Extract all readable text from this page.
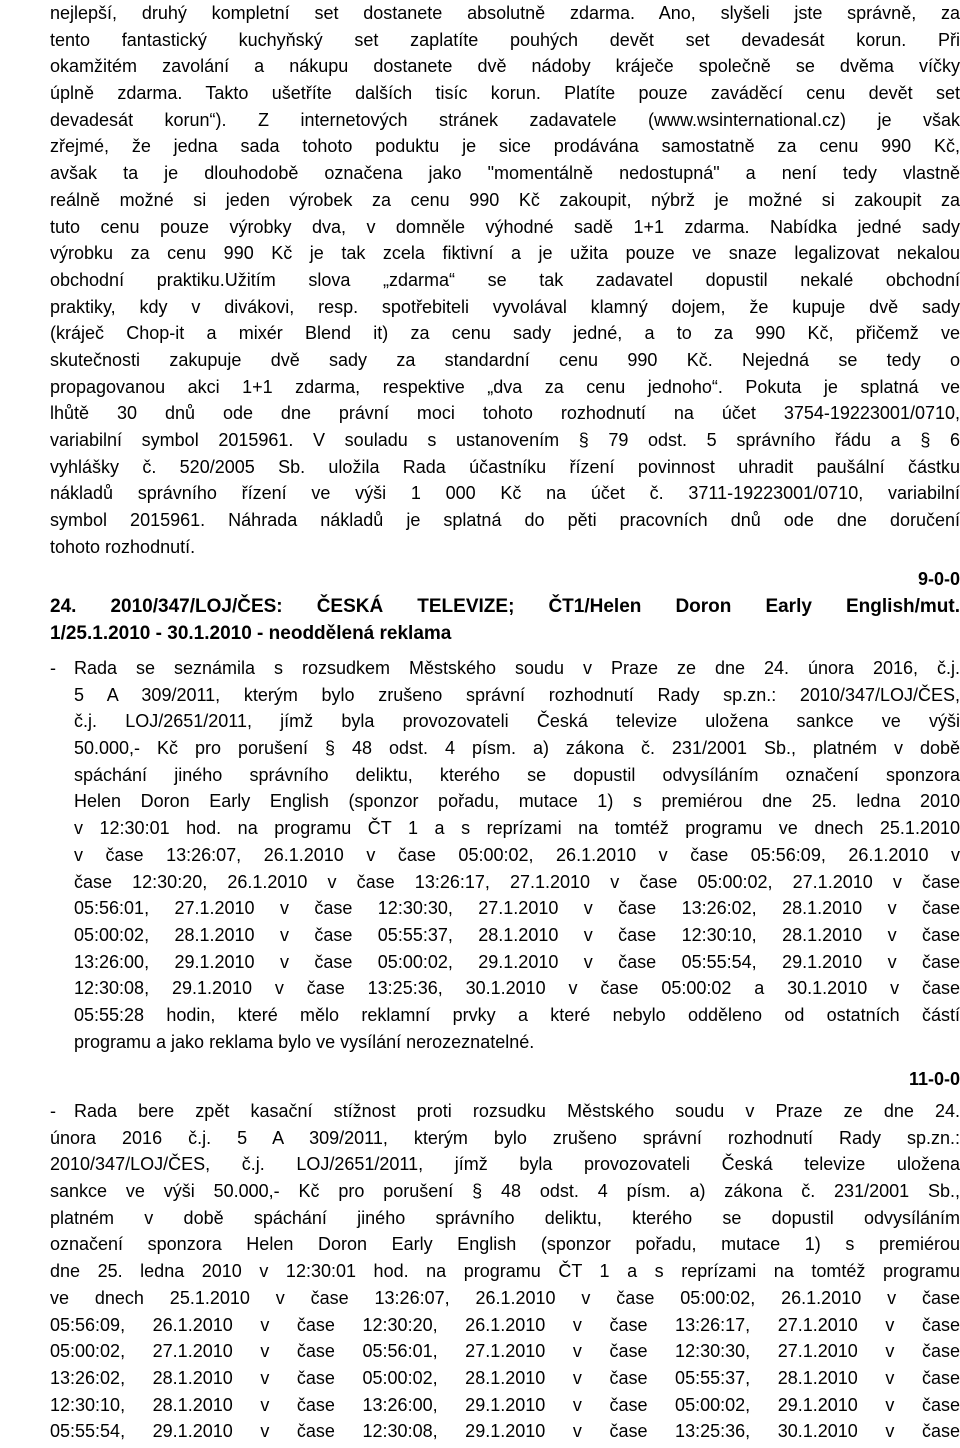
nejlepší, druhý kompletní set dostanete absolutně zdarma. Ano, slyšeli jste správně, za
tento fantastický kuchyňský set zaplatíte pouhých devět set devadesát korun. Při
okamžitém zavolání a nákupu dostanete dvě nádoby kráječe společně se dvěma víčky
úplně zdarma. Takto ušetříte dalších tisíc korun. Platíte pouze zaváděcí cenu devět set
devadesát korun“). Z internetových stránek zadavatele (www.wsinternational.cz) je však
zřejmé, že jedna sada tohoto poduktu je sice prodávána samostatně za cenu 990 Kč,
avšak ta je dlouhodobě označena jako "momentálně nedostupná" a není tedy vlastně
reálně možné si jeden výrobek za cenu 990 Kč zakoupit, nýbrž je možné si zakoupit za
tuto cenu pouze výrobky dva, v domněle výhodné sadě 1+1 zdarma. Nabídka jedné sady
výrobku za cenu 990 Kč je tak zcela fiktivní a je užita pouze ve snaze legalizovat nekalou
obchodní praktiku.Užitím slova „zdarma“ se tak zadavatel dopustil nekalé obchodní
praktiky, kdy v divákovi, resp. spotřebiteli vyvolával klamný dojem, že kupuje dvě sady
(kráječ Chop-it a mixér Blend it) za cenu sady jedné, a to za 990 Kč, přičemž ve
skutečnosti zakupuje dvě sady za standardní cenu 990 Kč. Nejedná se tedy o
propagovanou akci 1+1 zdarma, respektive „dva za cenu jednoho“. Pokuta je splatná ve
lhůtě 30 dnů ode dne právní moci tohoto rozhodnutí na účet 3754-19223001/0710,
variabilní symbol 2015961. V souladu s ustanovením § 79 odst. 5 správního řádu a § 6
vyhlášky č. 520/2005 Sb. uložila Rada účastníku řízení povinnost uhradit paušální částku
nákladů správního řízení ve výši 1 000 Kč na účet č. 3711-19223001/0710, variabilní
symbol 2015961. Náhrada nákladů je splatná do pěti pracovních dnů ode dne doručení
tohoto rozhodnutí.
9-0-0
24. 2010/347/LOJ/ČES: ČESKÁ TELEVIZE; ČT1/Helen Doron Early English/mut.
1/25.1.2010 - 30.1.2010 - neoddělená reklama
-	Rada se seznámila s rozsudkem Městského soudu v Praze ze dne 24. února 2016, č.j.
5 A 309/2011, kterým bylo zrušeno správní rozhodnutí Rady sp.zn.: 2010/347/LOJ/ČES,
č.j. LOJ/2651/2011, jímž byla provozovateli Česká televize uložena sankce ve výši
50.000,- Kč pro porušení § 48 odst. 4 písm. a) zákona č. 231/2001 Sb., platném v době
spáchání jiného správního deliktu, kterého se dopustil odvysíláním označení sponzora
Helen Doron Early English (sponzor pořadu, mutace 1) s premiérou dne 25. ledna 2010
v 12:30:01 hod. na programu ČT 1 a s reprízami na tomtéž programu ve dnech 25.1.2010
v čase 13:26:07, 26.1.2010 v čase 05:00:02, 26.1.2010 v čase 05:56:09, 26.1.2010 v
čase 12:30:20, 26.1.2010 v čase 13:26:17, 27.1.2010 v čase 05:00:02, 27.1.2010 v čase
05:56:01, 27.1.2010 v čase 12:30:30, 27.1.2010 v čase 13:26:02, 28.1.2010 v čase
05:00:02, 28.1.2010 v čase 05:55:37, 28.1.2010 v čase 12:30:10, 28.1.2010 v čase
13:26:00, 29.1.2010 v čase 05:00:02, 29.1.2010 v čase 05:55:54, 29.1.2010 v čase
12:30:08, 29.1.2010 v čase 13:25:36, 30.1.2010 v čase 05:00:02 a 30.1.2010 v čase
05:55:28 hodin, které mělo reklamní prvky a které nebylo odděleno od ostatních částí
programu a jako reklama bylo ve vysílání nerozeznatelné.
11-0-0
-	Rada bere zpět kasační stížnost proti rozsudku Městského soudu v Praze ze dne 24.
února 2016 č.j. 5 A 309/2011, kterým bylo zrušeno správní rozhodnutí Rady sp.zn.:
2010/347/LOJ/ČES, č.j. LOJ/2651/2011, jímž byla provozovateli Česká televize uložena
sankce ve výši 50.000,- Kč pro porušení § 48 odst. 4 písm. a) zákona č. 231/2001 Sb.,
platném v době spáchání jiného správního deliktu, kterého se dopustil odvysíláním
označení sponzora Helen Doron Early English (sponzor pořadu, mutace 1) s premiérou
dne 25. ledna 2010 v 12:30:01 hod. na programu ČT 1 a s reprízami na tomtéž programu
ve dnech 25.1.2010 v čase 13:26:07, 26.1.2010 v čase 05:00:02, 26.1.2010 v čase
05:56:09, 26.1.2010 v čase 12:30:20, 26.1.2010 v čase 13:26:17, 27.1.2010 v čase
05:00:02, 27.1.2010 v čase 05:56:01, 27.1.2010 v čase 12:30:30, 27.1.2010 v čase
13:26:02, 28.1.2010 v čase 05:00:02, 28.1.2010 v čase 05:55:37, 28.1.2010 v čase
12:30:10, 28.1.2010 v čase 13:26:00, 29.1.2010 v čase 05:00:02, 29.1.2010 v čase
05:55:54, 29.1.2010 v čase 12:30:08, 29.1.2010 v čase 13:25:36, 30.1.2010 v čase
